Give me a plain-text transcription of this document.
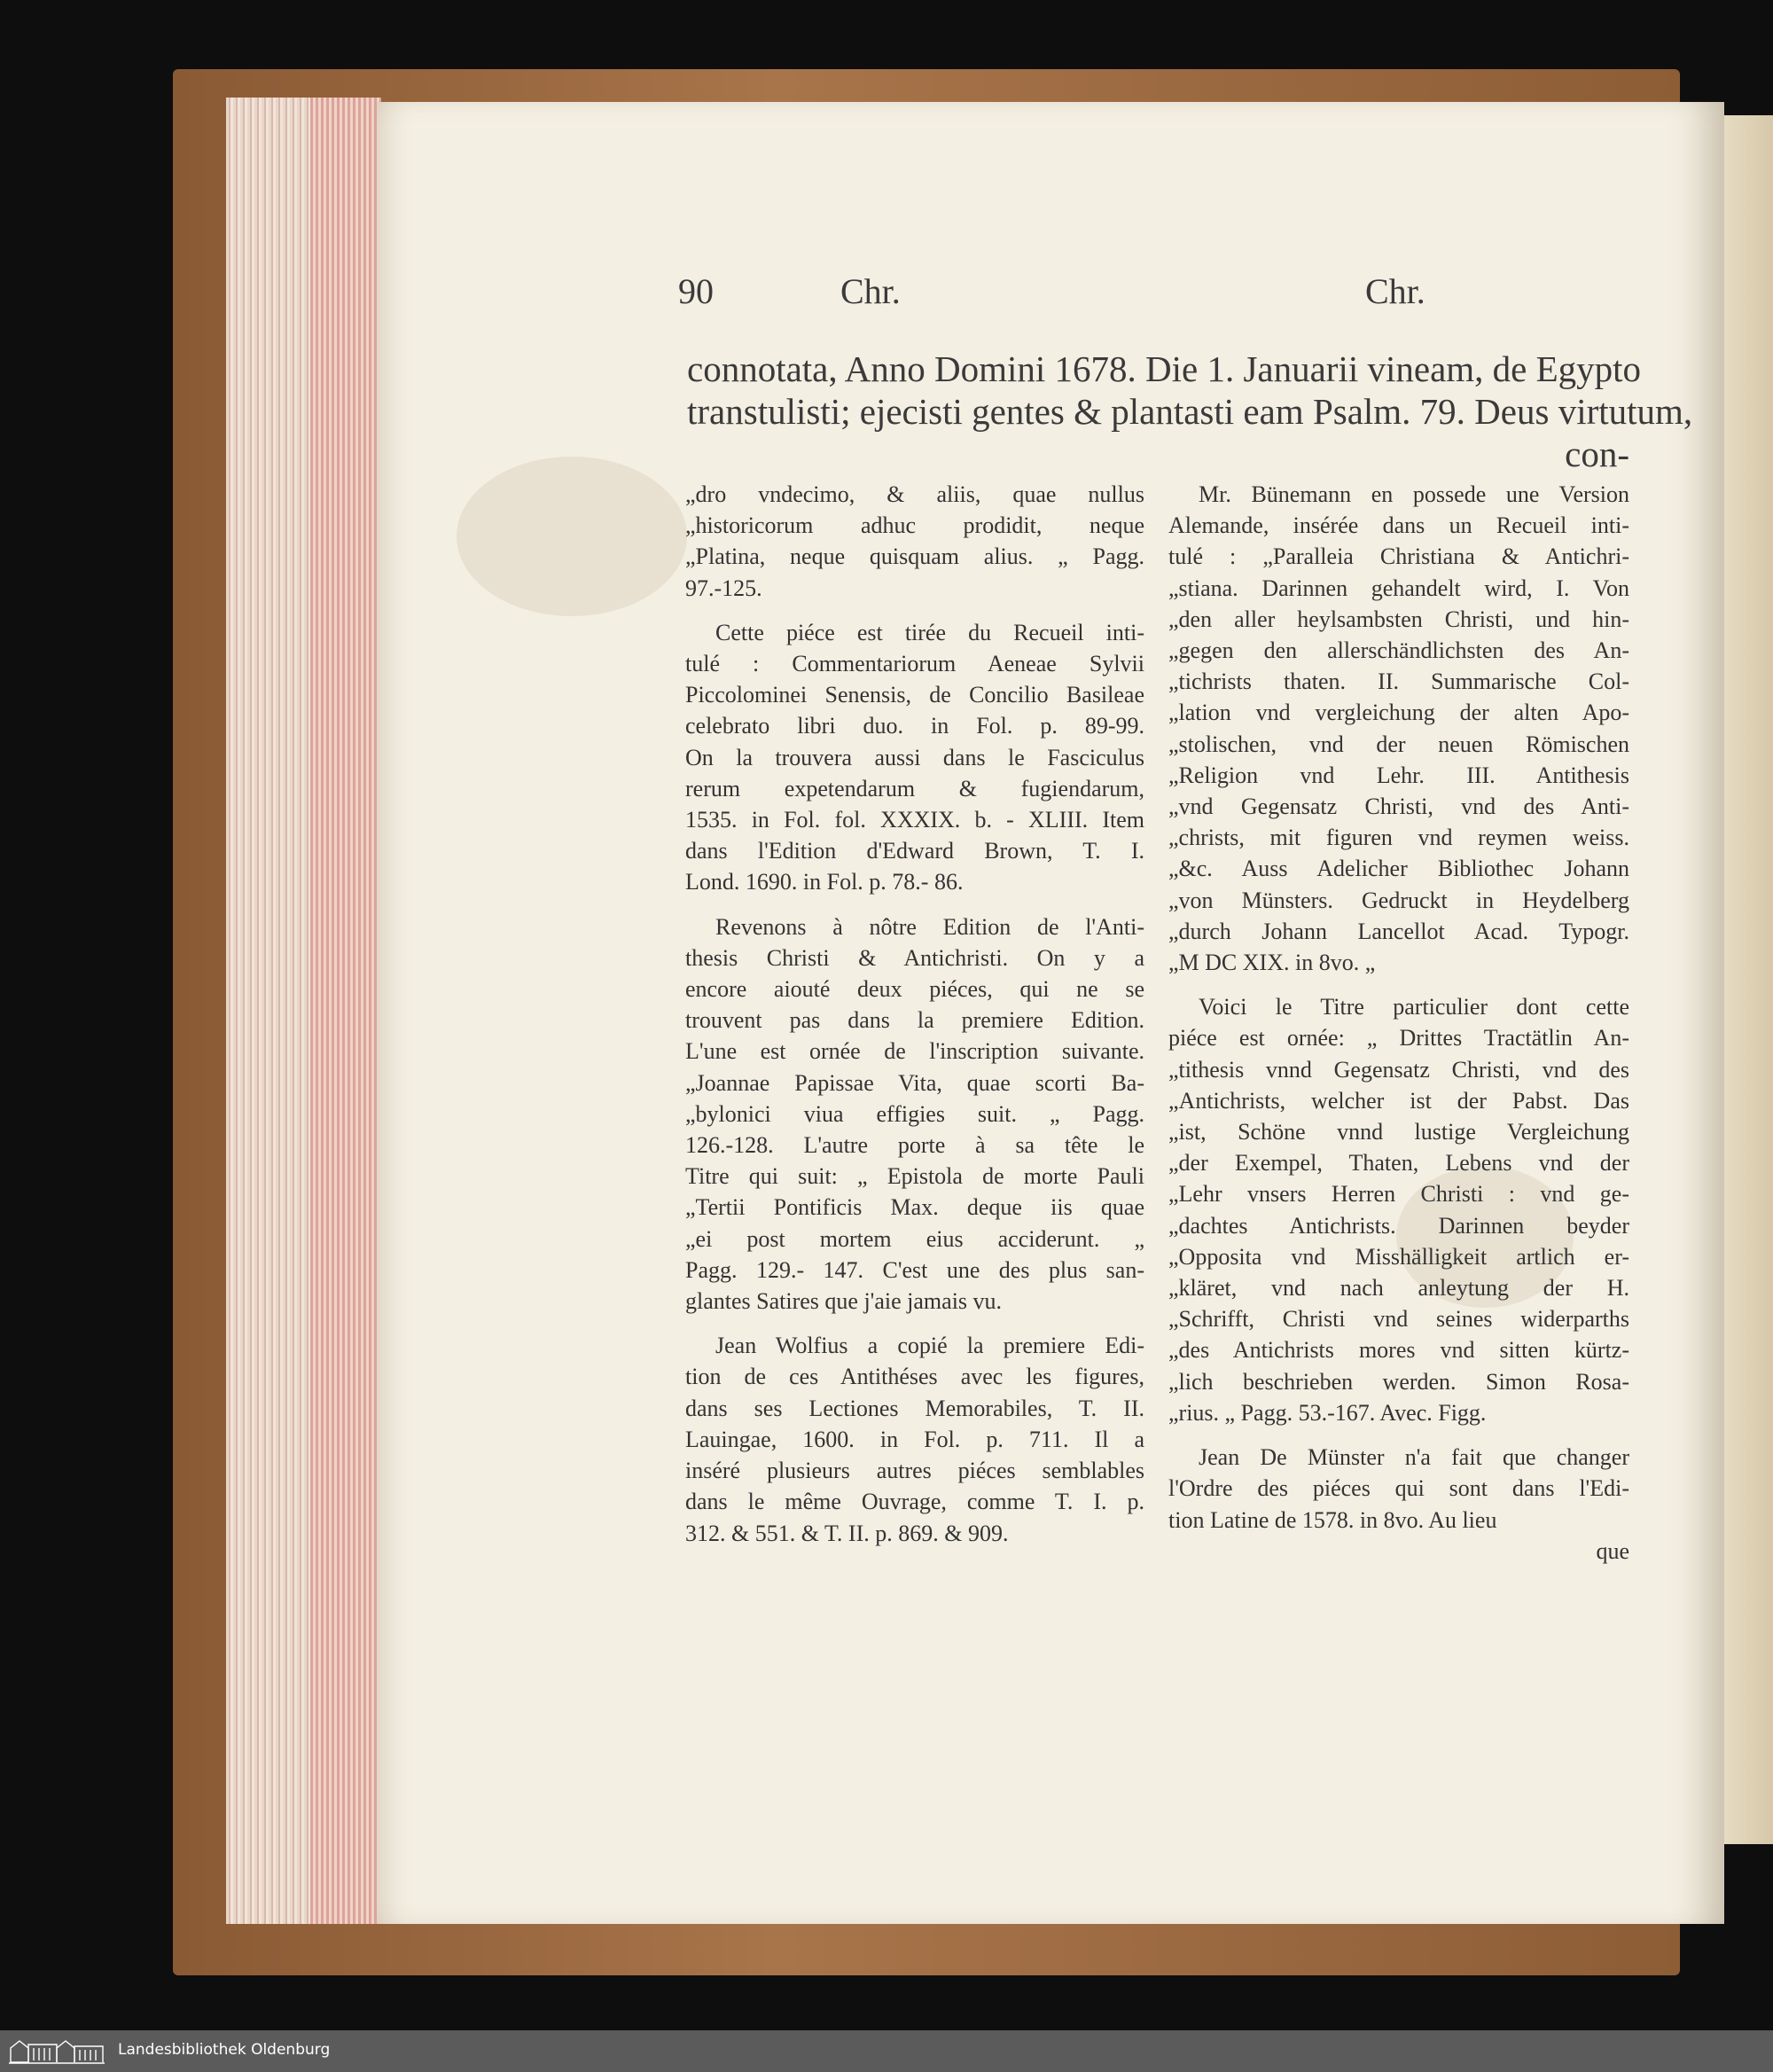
90	Chr.	Chr.
connotata, Anno Domini 1678. Die 1. Januarii vineam, de Egypto
transtulisti; ejecisti gentes & plantasti eam Psalm. 79. Deus virtutum,
con-

„dro vndecimo, & aliis, quae nullus
„historicorum adhuc prodidit, neque
„Platina, neque quisquam alius. „ Pagg.
97.-125.

Cette piéce est tirée du Recueil inti-
tulé : Commentariorum Aeneae Sylvii
Piccolominei Senensis, de Concilio Basileae
celebrato libri duo. in Fol. p. 89-99.
On la trouvera aussi dans le Fasciculus
rerum expetendarum & fugiendarum,
1535. in Fol. fol. XXXIX. b. - XLIII. Item
dans l'Edition d'Edward Brown, T. I.
Lond. 1690. in Fol. p. 78.- 86.

Revenons à nôtre Edition de l'Anti-
thesis Christi & Antichristi. On y a
encore aiouté deux piéces, qui ne se
trouvent pas dans la premiere Edition.
L'une est ornée de l'inscription suivante.
„Joannae Papissae Vita, quae scorti Ba-
„bylonici viua effigies suit. „ Pagg.
126.-128. L'autre porte à sa tête le
Titre qui suit: „ Epistola de morte Pauli
„Tertii Pontificis Max. deque iis quae
„ei post mortem eius acciderunt. „
Pagg. 129.- 147. C'est une des plus san-
glantes Satires que j'aie jamais vu.

Jean Wolfius a copié la premiere Edi-
tion de ces Antithéses avec les figures,
dans ses Lectiones Memorabiles, T. II.
Lauingae, 1600. in Fol. p. 711. Il a
inséré plusieurs autres piéces semblables
dans le même Ouvrage, comme T. I. p.
312. & 551. & T. II. p. 869. & 909.

Mr. Bünemann en possede une Version
Alemande, insérée dans un Recueil inti-
tulé : „Paralleia Christiana & Antichri-
„stiana. Darinnen gehandelt wird, I. Von
„den aller heylsambsten Christi, und hin-
„gegen den allerschändlichsten des An-
„tichrists thaten. II. Summarische Col-
„lation vnd vergleichung der alten Apo-
„stolischen, vnd der neuen Römischen
„Religion vnd Lehr. III. Antithesis
„vnd Gegensatz Christi, vnd des Anti-
„christs, mit figuren vnd reymen weiss.
„&c. Auss Adelicher Bibliothec Johann
„von Münsters. Gedruckt in Heydelberg
„durch Johann Lancellot Acad. Typogr.
„M DC XIX. in 8vo. „

Voici le Titre particulier dont cette
piéce est ornée: „ Drittes Tractätlin An-
„tithesis vnnd Gegensatz Christi, vnd des
„Antichrists, welcher ist der Pabst. Das
„ist, Schöne vnnd lustige Vergleichung
„der Exempel, Thaten, Lebens vnd der
„Lehr vnsers Herren Christi : vnd ge-
„dachtes Antichrists. Darinnen beyder
„Opposita vnd Misshälligkeit artlich er-
„kläret, vnd nach anleytung der H.
„Schrifft, Christi vnd seines widerparths
„des Antichrists mores vnd sitten kürtz-
„lich beschrieben werden. Simon Rosa-
„rius. „ Pagg. 53.-167. Avec. Figg.

Jean De Münster n'a fait que changer
l'Ordre des piéces qui sont dans l'Edi-
tion Latine de 1578. in 8vo. Au lieu

que
Landesbibliothek Oldenburg
